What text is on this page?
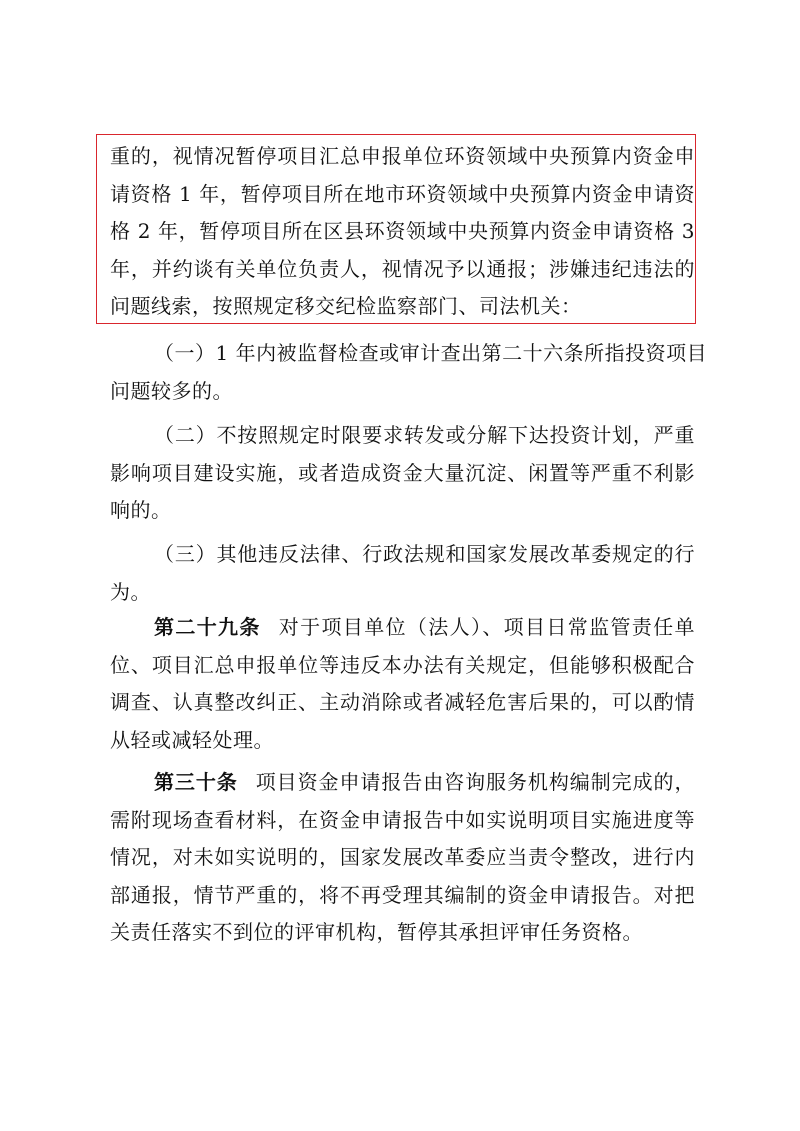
重的，视情况暂停项目汇总申报单位环资领域中央预算内资金申
请资格 1 年，暂停项目所在地市环资领域中央预算内资金申请资
格 2 年，暂停项目所在区县环资领域中央预算内资金申请资格 3
年，并约谈有关单位负责人，视情况予以通报；涉嫌违纪违法的
问题线索，按照规定移交纪检监察部门、司法机关：
（一）1 年内被监督检查或审计查出第二十六条所指投资项目
问题较多的。
（二）不按照规定时限要求转发或分解下达投资计划，严重
影响项目建设实施，或者造成资金大量沉淀、闲置等严重不利影
响的。
（三）其他违反法律、行政法规和国家发展改革委规定的行
为。
第二十九条 对于项目单位（法人）、项目日常监管责任单
位、项目汇总申报单位等违反本办法有关规定，但能够积极配合
调查、认真整改纠正、主动消除或者减轻危害后果的，可以酌情
从轻或减轻处理。
第三十条 项目资金申请报告由咨询服务机构编制完成的，
需附现场查看材料，在资金申请报告中如实说明项目实施进度等
情况，对未如实说明的，国家发展改革委应当责令整改，进行内
部通报，情节严重的，将不再受理其编制的资金申请报告。对把
关责任落实不到位的评审机构，暂停其承担评审任务资格。
